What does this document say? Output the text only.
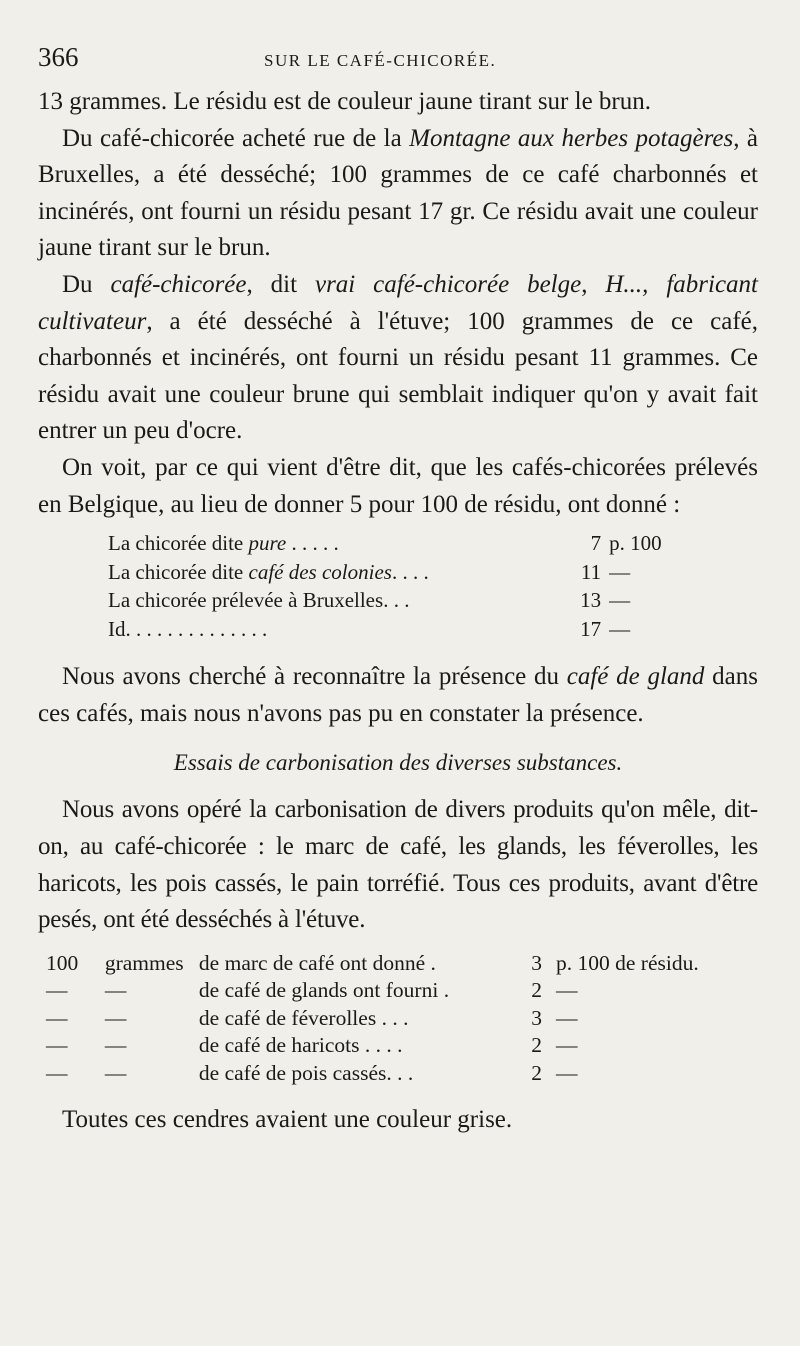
366	SUR LE CAFÉ-CHICORÉE.

13 grammes. Le résidu est de couleur jaune tirant sur le brun.

Du café-chicorée acheté rue de la Montagne aux herbes potagères, à Bruxelles, a été desséché; 100 grammes de ce café charbonnés et incinérés, ont fourni un résidu pesant 17 gr. Ce résidu avait une couleur jaune tirant sur le brun.

Du café-chicorée, dit vrai café-chicorée belge, H..., fabricant cultivateur, a été desséché à l'étuve; 100 grammes de ce café, charbonnés et incinérés, ont fourni un résidu pesant 11 grammes. Ce résidu avait une couleur brune qui semblait indiquer qu'on y avait fait entrer un peu d'ocre.

On voit, par ce qui vient d'être dit, que les cafés-chicorées prélevés en Belgique, au lieu de donner 5 pour 100 de résidu, ont donné :

La chicorée dite pure . . . . .	7 p. 100
La chicorée dite café des colonies. . . .	11 —
La chicorée prélevée à Bruxelles. . .	13 —
Id. . . . . . . . . . . . . .	17 —

Nous avons cherché à reconnaître la présence du café de gland dans ces cafés, mais nous n'avons pas pu en constater la présence.

Essais de carbonisation des diverses substances.

Nous avons opéré la carbonisation de divers produits qu'on mêle, dit-on, au café-chicorée : le marc de café, les glands, les féverolles, les haricots, les pois cassés, le pain torréfié. Tous ces produits, avant d'être pesés, ont été desséchés à l'étuve.

100	grammes de marc de café ont donné .	3 p. 100 de résidu.
—	—	de café de glands ont fourni .	2 —
—	—	de café de féverolles . . .	3 —
—	—	de café de haricots . . . .	2 —
—	—	de café de pois cassés. . .	2 —

Toutes ces cendres avaient une couleur grise.
